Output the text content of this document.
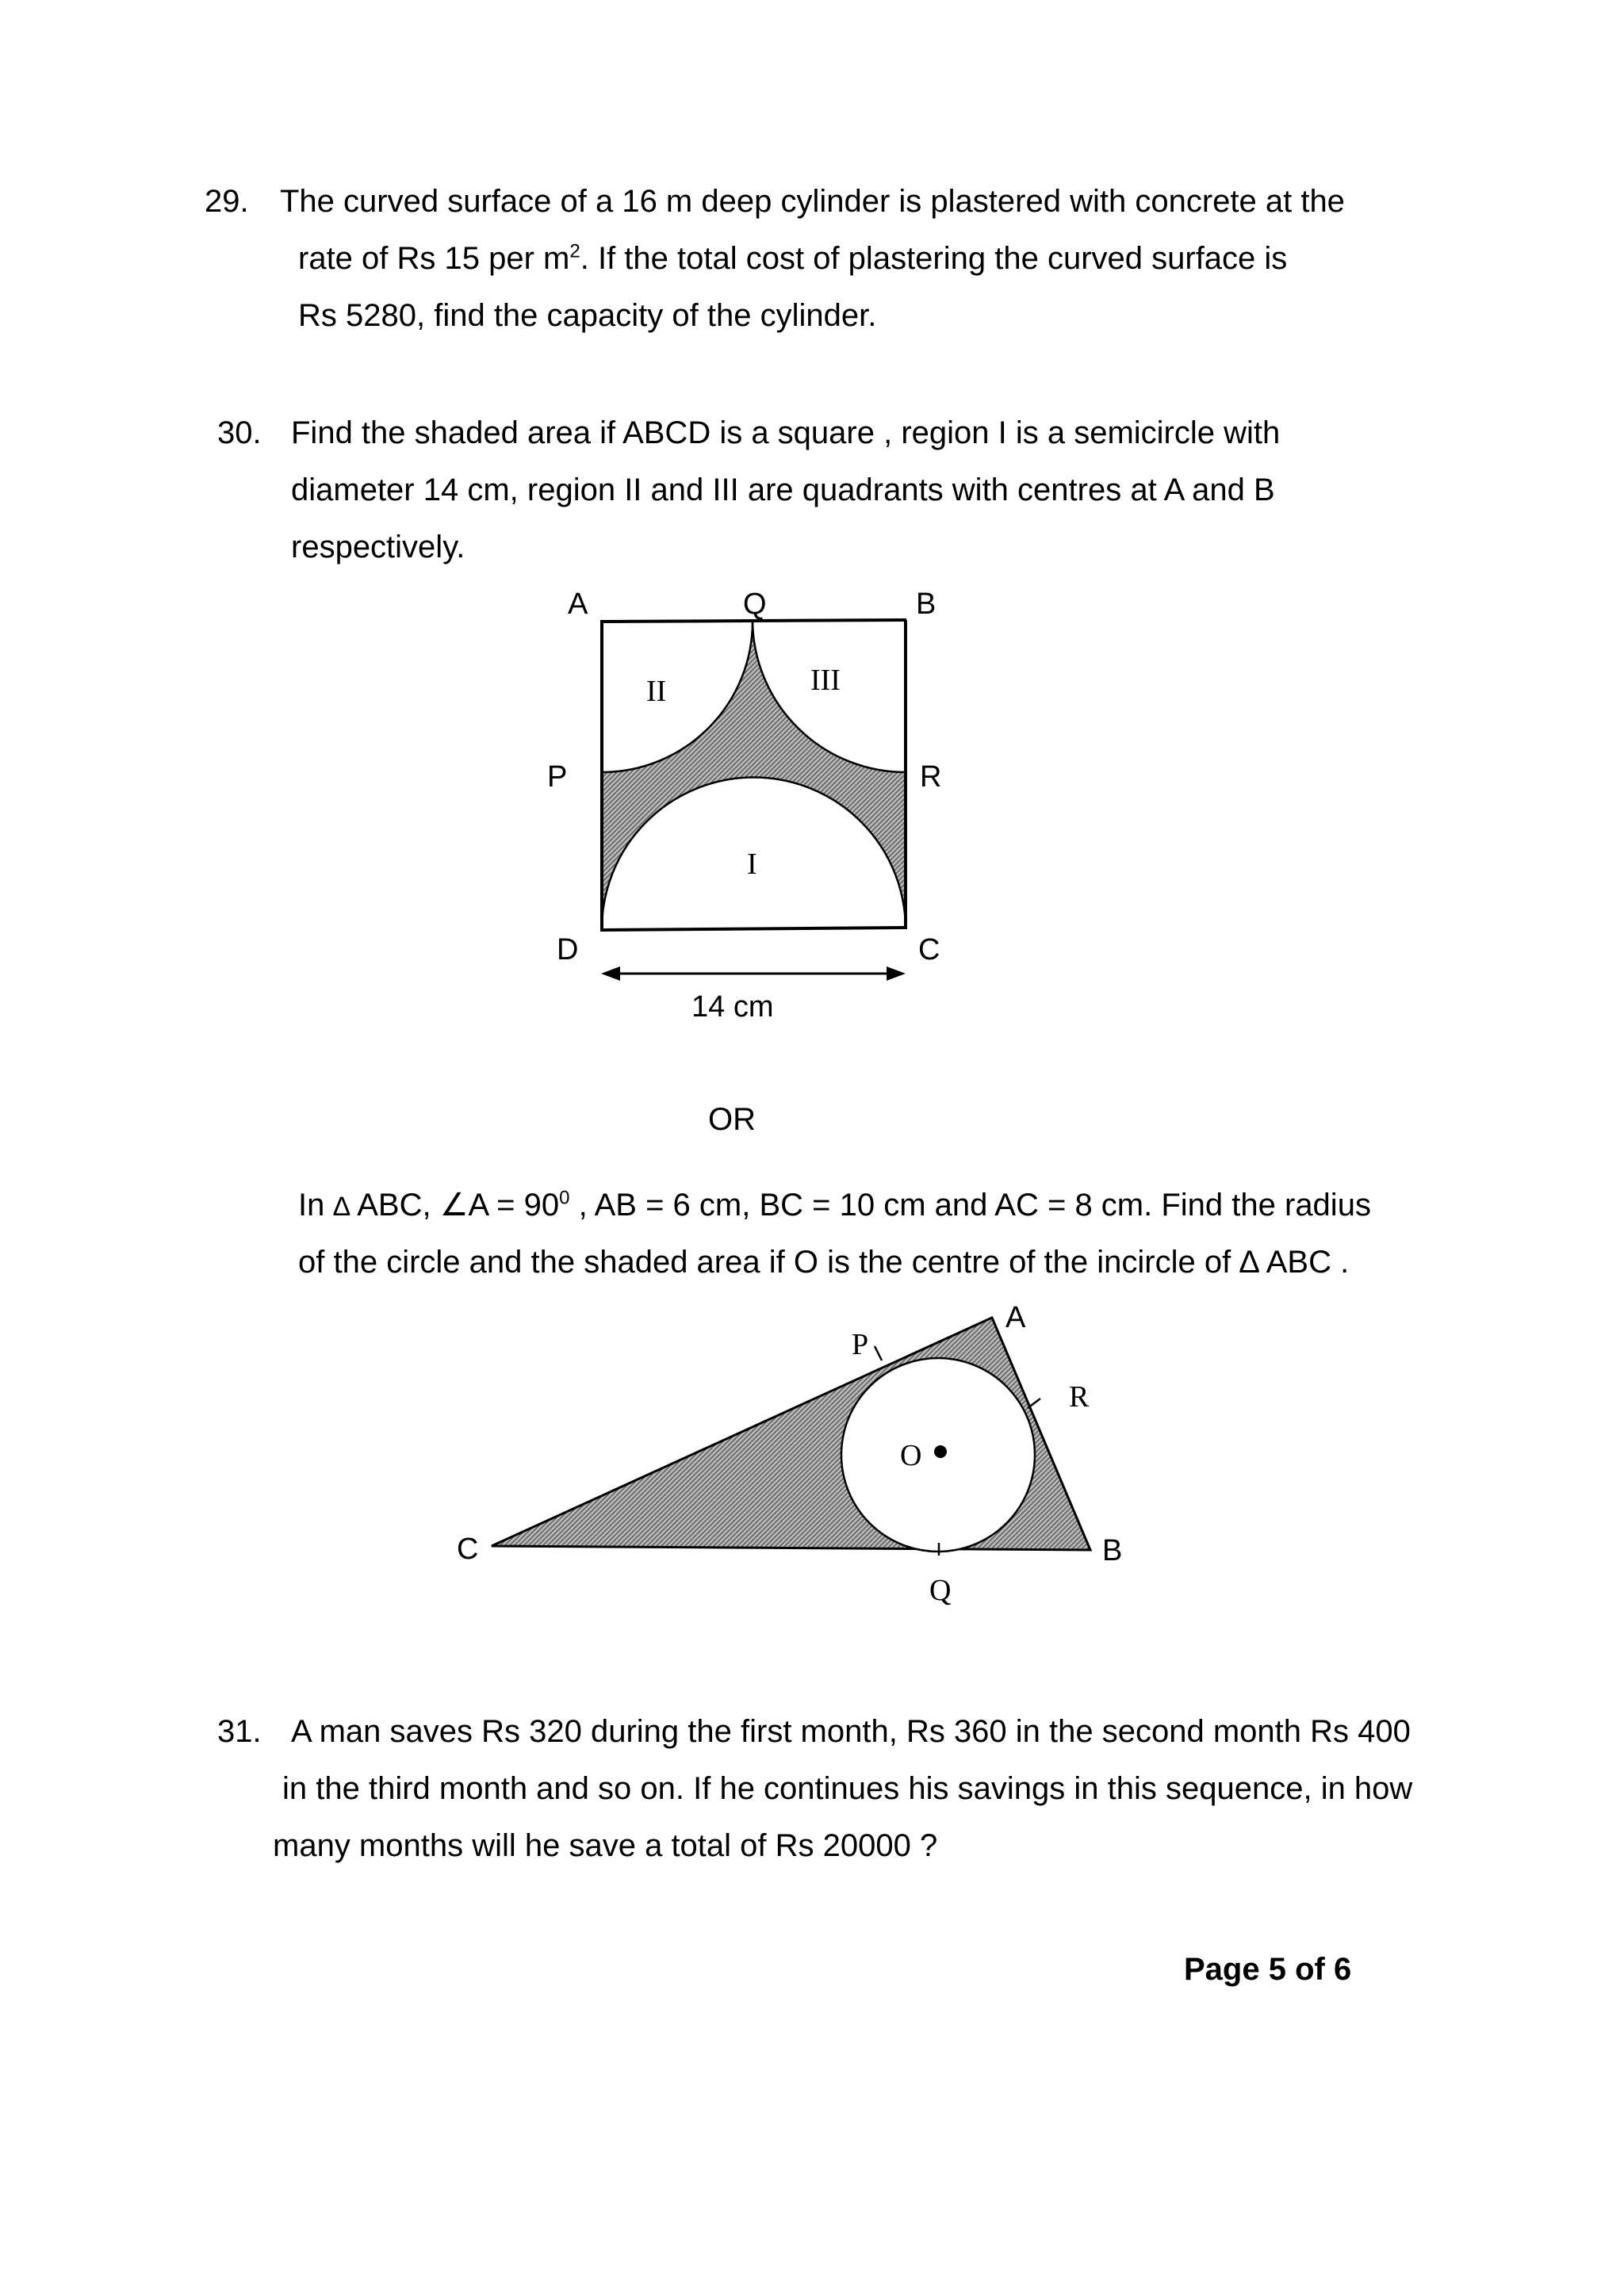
29. The curved surface of a 16 m deep cylinder is plastered with concrete at the
rate of Rs 15 per $m^2$. If the total cost of plastering the curved surface is
Rs 5280, find the capacity of the cylinder.
30. Find the shaded area if ABCD is a square , region I is a semicircle with
diameter 14 cm, region II and III are quadrants with centres at A and B
respectively.
A	Q	B
P	R
D	C
II	III
I
14 cm
OR
In ∆ ABC, ∠A = $90^0$ , AB = 6 cm, BC = 10 cm and AC = 8 cm. Find the radius
of the circle and the shaded area if O is the centre of the incircle of ∆ ABC .
A
B
C
P
R
Q
O
31. A man saves Rs 320 during the first month, Rs 360 in the second month Rs 400
in the third month and so on. If he continues his savings in this sequence, in how
many months will he save a total of Rs 20000 ?
Page 5 of 6
